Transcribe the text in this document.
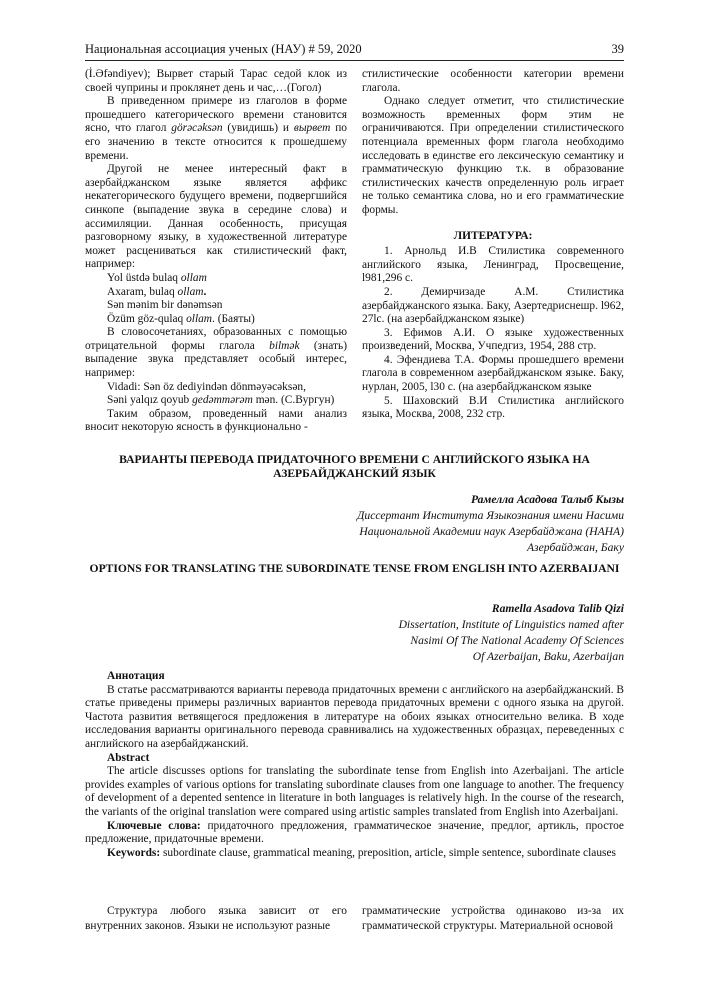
Национальная ассоциация ученых (НАУ) # 59, 2020	39

(İ.Əfəndiyev); Вырвет старый Тарас седой клок из своей чуприны и проклянет день и час,…(Гогол)

В приведенном примере из глаголов в форме прошедшего категорического времени становится ясно, что глагол görəcəksən (увидишь) и вырвет по его значению в тексте относится к прошедшему времени.

Другой не менее интересный факт в азербайджанском языке является аффикс некатегорического будущего времени, подвергшийся синкопе (выпадение звука в середине слова) и ассимиляции. Данная особенность, присущая разговорному языку, в художественной литературе может расцениваться как стилистический факт, например:

Yol üstdə bulaq ollam
Axaram, bulaq ollam.
Sən mənim bir dənəmsən
Özüm göz-qulaq ollam. (Баяты)

В словосочетаниях, образованных с помощью отрицательной формы глагола bilmək (знать) выпадение звука представляет особый интерес, например:

Vidadi: Sən öz dediyindən dönməyəcəksən,
Səni yalqız qoyub gedəmmərəm mən. (С.Вургун)

Таким образом, проведенный нами анализ вносит некоторую ясность в функционально -

стилистические особенности категории времени глагола.

Однако следует отметит, что стилистические возможность временных форм этим не ограничиваются. При определении стилистического потенциала временных форм глагола необходимо исследовать в единстве его лексическую семантику и грамматическую функцию т.к. в образование стилистических качеств определенную роль играет не только семантика слова, но и его грамматические формы.

ЛИТЕРАТУРА:

1. Арнольд И.В Стилистика современного английского языка, Ленинград, Просвещение, l981,296 с.

2. Демирчизаде А.М. Стилистика азербайджанского языка. Баку, Азертедриснешр. l962, 27lс. (на азербайджанском языке)

3. Ефимов А.И. О языке художественных произведений, Москва, Учпедгиз, 1954, 288 стр.

4. Эфендиева Т.А. Формы прошедшего времени глагола в современном азербайджанском языке. Баку, нурлан, 2005, l30 с. (на азербайджанском языке

5. Шаховский В.И Стилистика английского языка, Москва, 2008, 232 стр.

ВАРИАНТЫ ПЕРЕВОДА ПРИДАТОЧНОГО ВРЕМЕНИ С АНГЛИЙСКОГО ЯЗЫКА НА АЗЕРБАЙДЖАНСКИЙ ЯЗЫК
Рамелла Асадова Талыб Кызы
Диссертант Института Языкознания имени Насими
Национальной Академии наук Азербайджана (НАНА)
Азербайджан, Баку
OPTIONS FOR TRANSLATING THE SUBORDINATE TENSE FROM ENGLISH INTO AZERBAIJANI
Ramella Asadova Talib Qizi
Dissertation, Institute of Linguistics named after
Nasimi Of The National Academy Of Sciences
Of Azerbaijan, Baku, Azerbaijan

Аннотация

В статье рассматриваются варианты перевода придаточных времени с английского на азербайджанский. В статье приведены примеры различных вариантов перевода придаточных времени с одного языка на другой. Частота развития ветвящегося предложения в литературе на обоих языках относительно велика. В ходе исследования варианты оригинального перевода сравнивались на художественных образцах, переведенных с английского на азербайджанский.

Abstract

The article discusses options for translating the subordinate tense from English into Azerbaijani. The article provides examples of various options for translating subordinate clauses from one language to another. The frequency of development of a depented sentence in literature in both languages is relatively high. In the course of the research, the variants of the original translation were compared using artistic samples translated from English into Azerbaijani.

Ключевые слова: придаточного предложения, грамматическое значение, предлог, артикль, простое предложение, придаточные времени.

Keywords: subordinate clause, grammatical meaning, preposition, article, simple sentence, subordinate clauses

Структура любого языка зависит от его внутренних законов. Языки не используют разные
грамматические устройства одинаково из-за их грамматической структуры. Материальной основой
